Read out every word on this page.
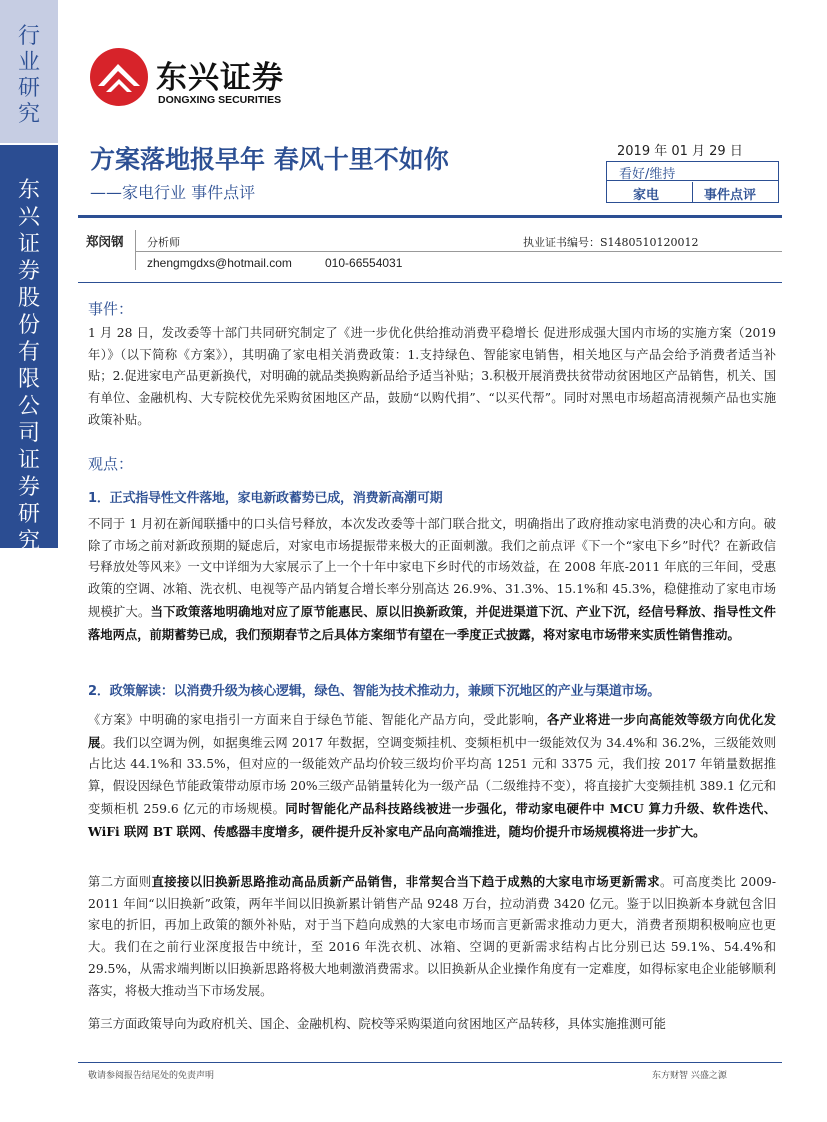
行业研究
东兴证券股份有限公司证券研究报告
东兴证券
DONGXING SECURITIES
方案落地报早年 春风十里不如你
——家电行业 事件点评
2019 年 01 月 29 日
看好/维持
家电	事件点评
郑闵钢 分析师	执业证书编号：S1480510120012
zhengmgdxs@hotmail.com	010-66554031
事件：
1 月 28 日，发改委等十部门共同研究制定了《进一步优化供给推动消费平稳增长 促进形成强大国内市场的实施方案（2019 年）》（以下简称《方案》），其明确了家电相关消费政策：1.支持绿色、智能家电销售，相关地区与产品会给予消费者适当补贴；2.促进家电产品更新换代，对明确的就品类换购新品给予适当补贴；3.积极开展消费扶贫带动贫困地区产品销售，机关、国有单位、金融机构、大专院校优先采购贫困地区产品，鼓励“以购代捐”、“以买代帮”。同时对黑电市场超高清视频产品也实施政策补贴。
观点：
1．正式指导性文件落地，家电新政蓄势已成，消费新高潮可期
不同于 1 月初在新闻联播中的口头信号释放，本次发改委等十部门联合批文，明确指出了政府推动家电消费的决心和方向。破除了市场之前对新政预期的疑虑后，对家电市场提振带来极大的正面刺激。我们之前点评《下一个“家电下乡”时代？在新政信号释放处等风来》一文中详细为大家展示了上一个十年中家电下乡时代的市场效益，在 2008 年底-2011 年底的三年间，受惠政策的空调、冰箱、洗衣机、电视等产品内销复合增长率分别高达 26.9%、31.3%、15.1%和 45.3%，稳健推动了家电市场规模扩大。当下政策落地明确地对应了原节能惠民、原以旧换新政策，并促进渠道下沉、产业下沉，经信号释放、指导性文件落地两点，前期蓄势已成，我们预期春节之后具体方案细节有望在一季度正式披露，将对家电市场带来实质性销售推动。
2．政策解读：以消费升级为核心逻辑，绿色、智能为技术推动力，兼顾下沉地区的产业与渠道市场。
《方案》中明确的家电指引一方面来自于绿色节能、智能化产品方向，受此影响，各产业将进一步向高能效等级方向优化发展。我们以空调为例，如据奥维云网 2017 年数据，空调变频挂机、变频柜机中一级能效仅为 34.4%和 36.2%，三级能效则占比达 44.1%和 33.5%，但对应的一级能效产品均价较三级均价平均高 1251 元和 3375 元，我们按 2017 年销量数据推算，假设因绿色节能政策带动原市场 20%三级产品销量转化为一级产品（二级维持不变），将直接扩大变频挂机 389.1 亿元和变频柜机 259.6 亿元的市场规模。同时智能化产品科技路线被进一步强化，带动家电硬件中 MCU 算力升级、软件迭代、WiFi 联网 BT 联网、传感器丰度增多，硬件提升反补家电产品向高端推进，随均价提升市场规模将进一步扩大。
第二方面则直接接以旧换新思路推动高品质新产品销售，非常契合当下趋于成熟的大家电市场更新需求。可高度类比 2009-2011 年间“以旧换新”政策，两年半间以旧换新累计销售产品 9248 万台，拉动消费 3420 亿元。鉴于以旧换新本身就包含旧家电的折旧，再加上政策的额外补贴，对于当下趋向成熟的大家电市场而言更新需求推动力更大，消费者预期积极响应也更大。我们在之前行业深度报告中统计，至 2016 年洗衣机、冰箱、空调的更新需求结构占比分别已达 59.1%、54.4%和 29.5%，从需求端判断以旧换新思路将极大地刺激消费需求。以旧换新从企业操作角度有一定难度，如得标家电企业能够顺利落实，将极大推动当下市场发展。
第三方面政策导向为政府机关、国企、金融机构、院校等采购渠道向贫困地区产品转移，具体实施推测可能
敬请参阅报告结尾处的免责声明	东方财智 兴盛之源
